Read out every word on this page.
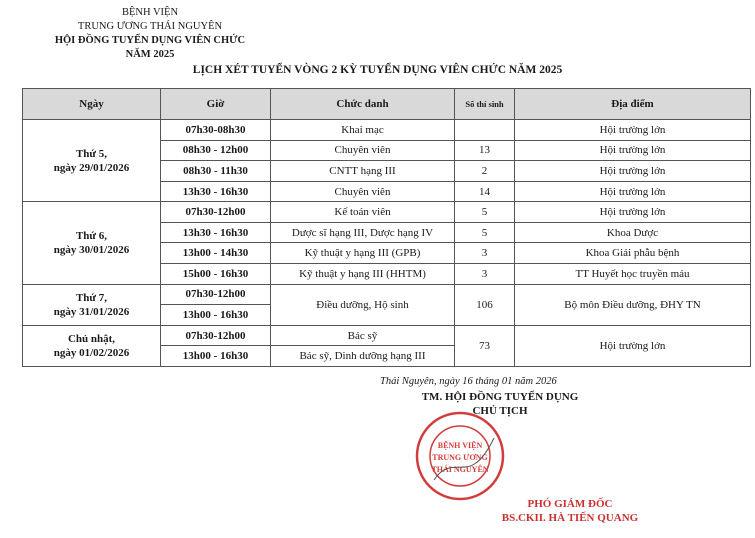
BỆNH VIỆN
TRUNG ƯƠNG THÁI NGUYÊN
HỘI ĐỒNG TUYỂN DỤNG VIÊN CHỨC
NĂM 2025
LỊCH XÉT TUYỂN VÒNG 2 KỲ TUYỂN DỤNG VIÊN CHỨC NĂM 2025
Ngày	Giờ	Chức danh	Số thí sinh	Địa điểm

Thứ 5,
ngày 29/01/2026	07h30-08h30	Khai mạc		Hội trường lớn
	08h30 - 12h00	Chuyên viên	13	Hội trường lớn
	08h30 - 11h30	CNTT hạng III	2	Hội trường lớn
	13h30 - 16h30	Chuyên viên	14	Hội trường lớn

Thứ 6,
ngày 30/01/2026	07h30-12h00	Kế toán viên	5	Hội trường lớn
	13h30 - 16h30	Dược sĩ hạng III, Dược hạng IV	5	Khoa Dược
	13h00 - 14h30	Kỹ thuật y hạng III (GPB)	3	Khoa Giải phẫu bệnh
	15h00 - 16h30	Kỹ thuật y hạng III (HHTM)	3	TT Huyết học truyền máu

Thứ 7,
ngày 31/01/2026	07h30-12h00	Điều dưỡng, Hộ sinh	106	Bộ môn Điều dưỡng, ĐHY TN
	13h00 - 16h30			

Chủ nhật,
ngày 01/02/2026	07h30-12h00	Bác sỹ	73	Hội trường lớn
	13h00 - 16h30	Bác sỹ, Dinh dưỡng hạng III		
Thái Nguyên, ngày 16 tháng 01 năm 2026
TM. HỘI ĐỒNG TUYỂN DỤNG
CHỦ TỊCH
BỆNH VIỆN
TRUNG ƯƠNG
THÁI NGUYÊN
PHÓ GIÁM ĐỐC
BS.CKII. HÀ TIẾN QUANG
